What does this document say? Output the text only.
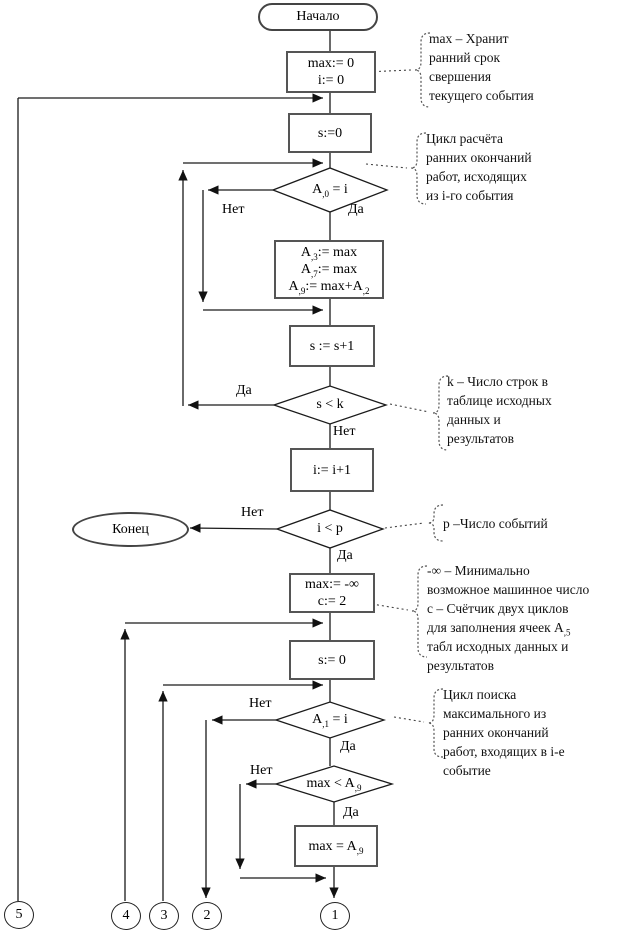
Начало
Конец
max:= 0
i:= 0
s:=0
$A_{,3}:= \max$
$A_{,7}:= \max$
$A_{,9}:= \max+A_{,2}$
s := s+1
i:= i+1
max:= -∞
c:= 2
s:= 0
$\max = A_{,9}$
$A_{,0} = i$
s < k
i < p
$A_{,1} = i$
$\max < A_{,9}$
Да
Нет
Да
Нет
Нет
Да
Нет
Да
Нет
Да
max – Хранит
ранний срок
свершения
текущего события
Цикл расчёта
ранних окончаний
работ, исходящих
из i-го события
k – Число строк в
таблице исходных
данных и
результатов
p –Число событий
-∞ – Минимально
возможное машинное число
с – Счётчик двух циклов
для заполнения ячеек $А_{,5}$
табл исходных данных и
результатов
Цикл поиска
максимального из
ранних окончаний
работ, входящих в i-е
событие
1
2
3
4
5
